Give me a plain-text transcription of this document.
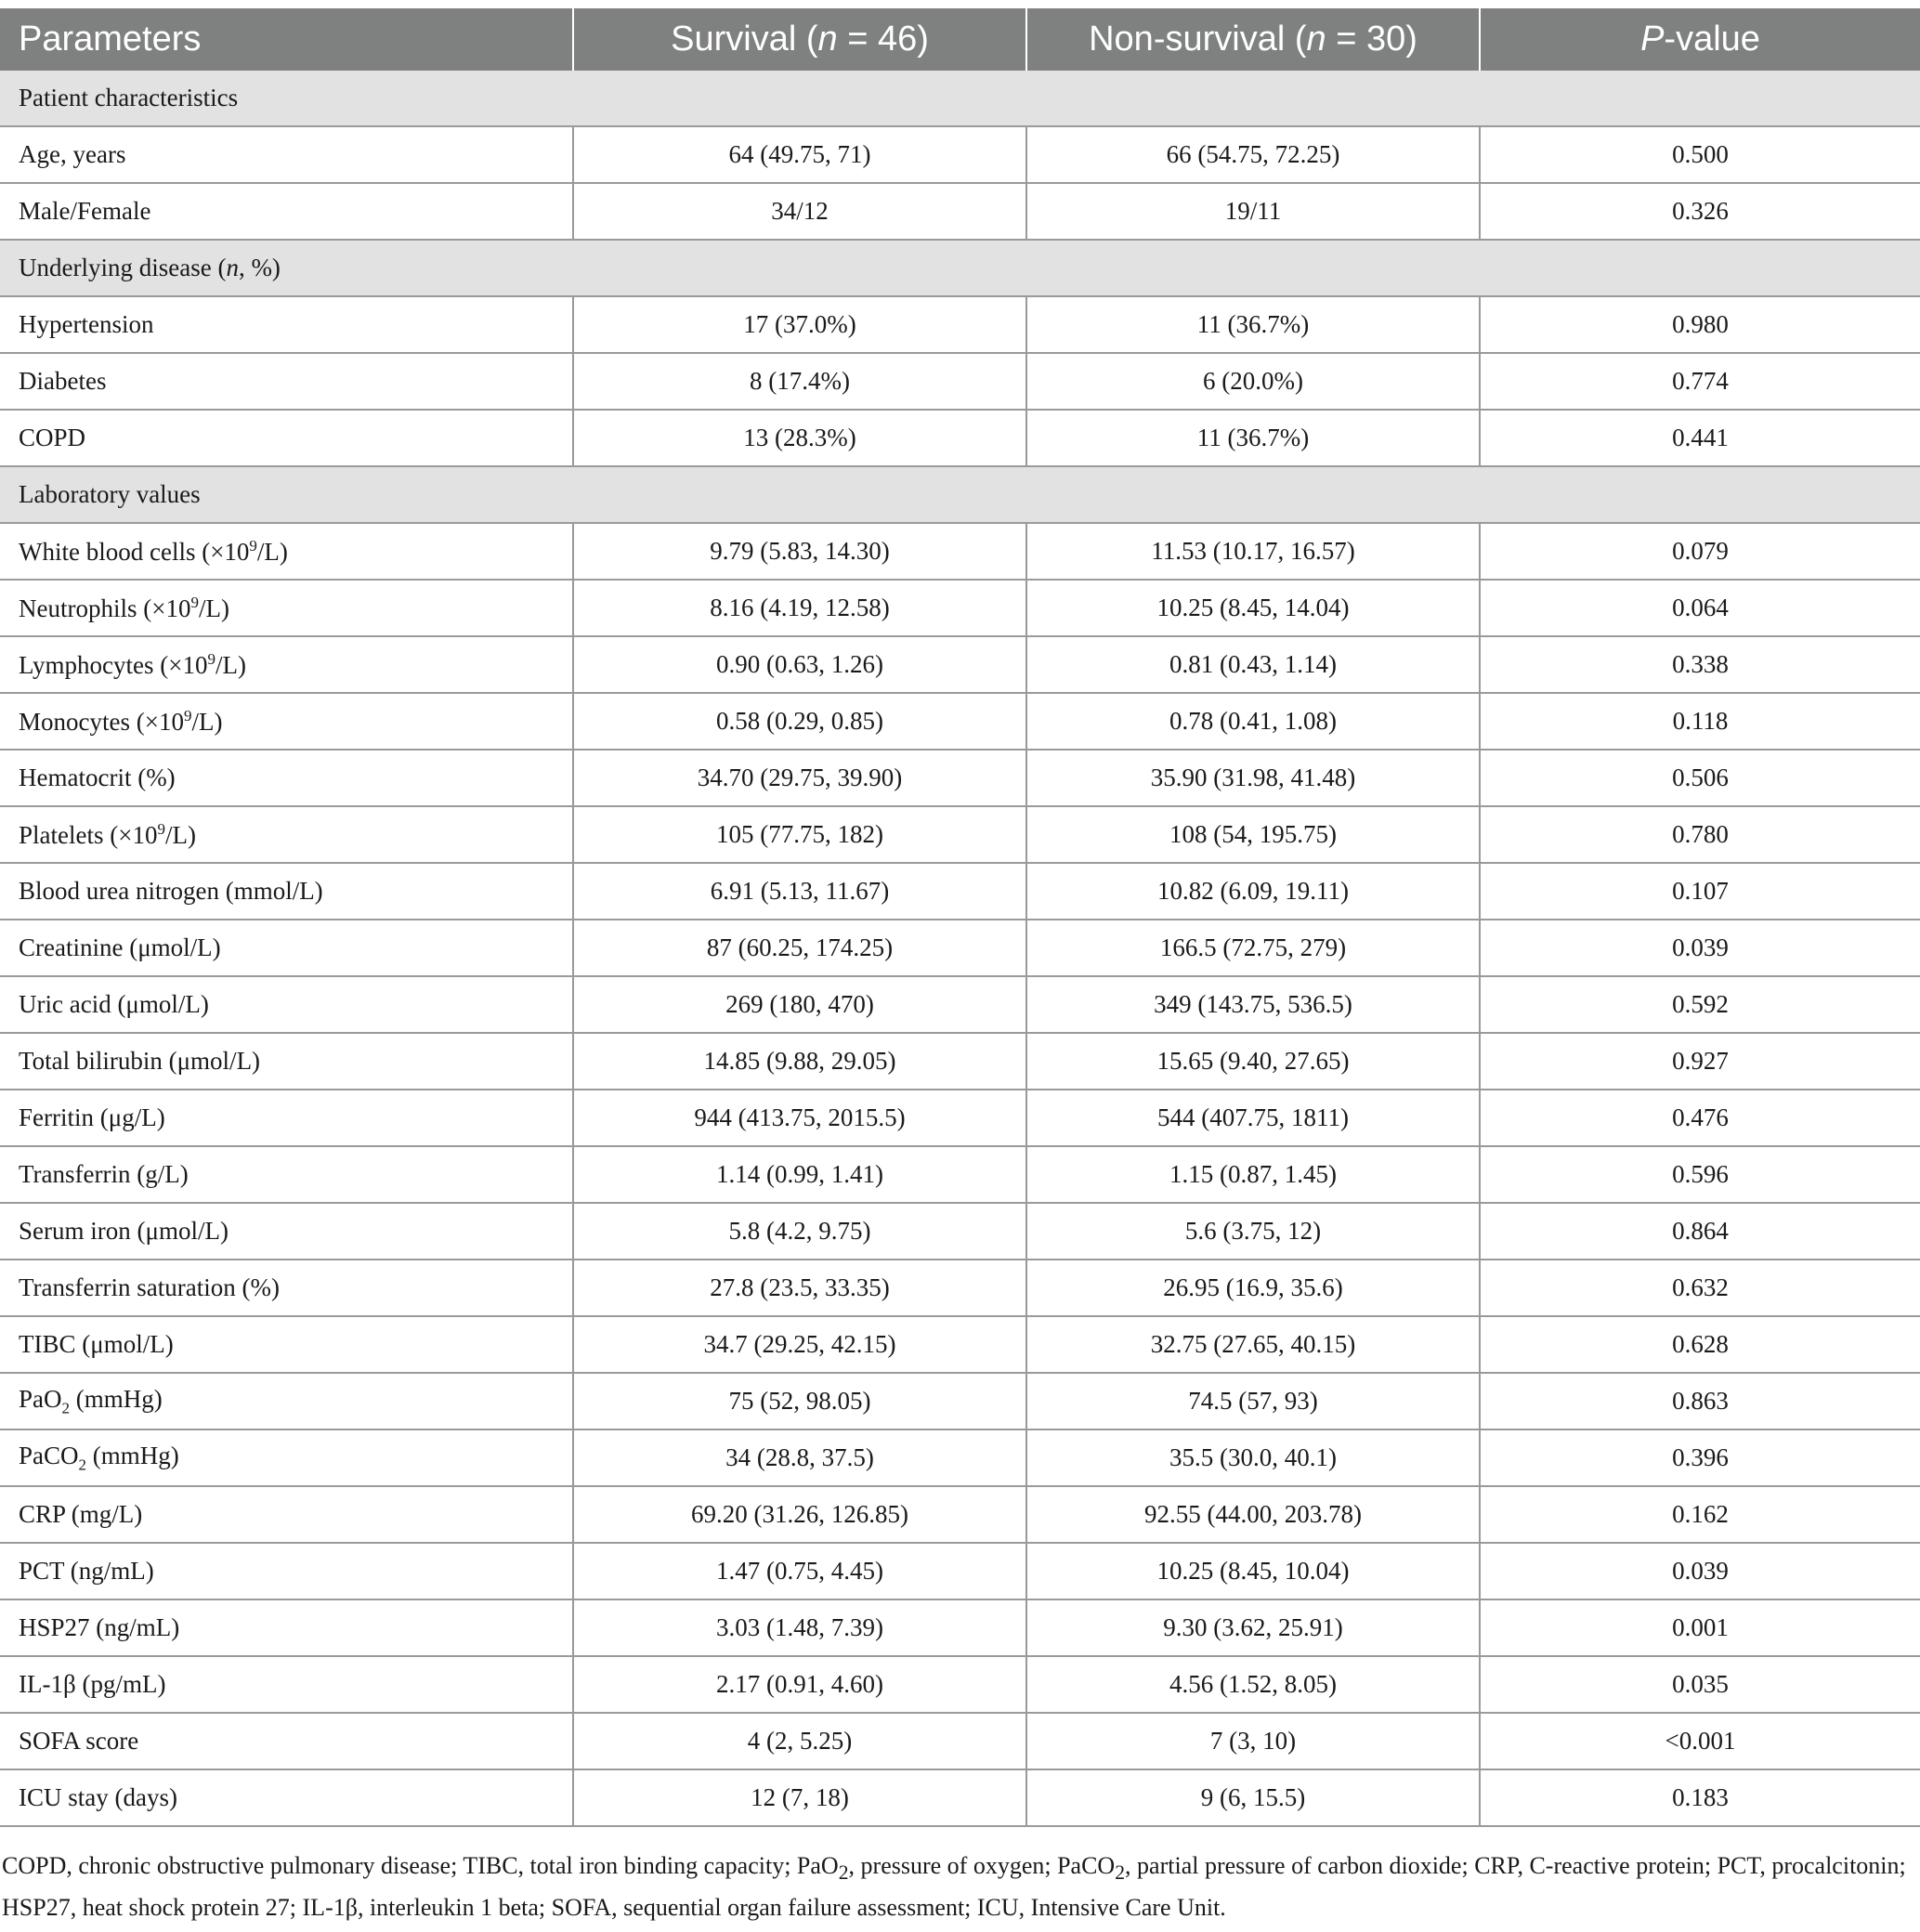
Parameters	Survival (n = 46)	Non-survival (n = 30)	P-value
Patient characteristics			
Age, years	64 (49.75, 71)	66 (54.75, 72.25)	0.500
Male/Female	34/12	19/11	0.326
Underlying disease (n, %)			
Hypertension	17 (37.0%)	11 (36.7%)	0.980
Diabetes	8 (17.4%)	6 (20.0%)	0.774
COPD	13 (28.3%)	11 (36.7%)	0.441
Laboratory values			
White blood cells $(\times 10^9/L)$	9.79 (5.83, 14.30)	11.53 (10.17, 16.57)	0.079
Neutrophils $(\times 10^9/L)$	8.16 (4.19, 12.58)	10.25 (8.45, 14.04)	0.064
Lymphocytes $(\times 10^9/L)$	0.90 (0.63, 1.26)	0.81 (0.43, 1.14)	0.338
Monocytes $(\times 10^9/L)$	0.58 (0.29, 0.85)	0.78 (0.41, 1.08)	0.118
Hematocrit (%)	34.70 (29.75, 39.90)	35.90 (31.98, 41.48)	0.506
Platelets $(\times 10^9/L)$	105 (77.75, 182)	108 (54, 195.75)	0.780
Blood urea nitrogen (mmol/L)	6.91 (5.13, 11.67)	10.82 (6.09, 19.11)	0.107
Creatinine (μmol/L)	87 (60.25, 174.25)	166.5 (72.75, 279)	0.039
Uric acid (μmol/L)	269 (180, 470)	349 (143.75, 536.5)	0.592
Total bilirubin (μmol/L)	14.85 (9.88, 29.05)	15.65 (9.40, 27.65)	0.927
Ferritin (μg/L)	944 (413.75, 2015.5)	544 (407.75, 1811)	0.476
Transferrin (g/L)	1.14 (0.99, 1.41)	1.15 (0.87, 1.45)	0.596
Serum iron (μmol/L)	5.8 (4.2, 9.75)	5.6 (3.75, 12)	0.864
Transferrin saturation (%)	27.8 (23.5, 33.35)	26.95 (16.9, 35.6)	0.632
TIBC (μmol/L)	34.7 (29.25, 42.15)	32.75 (27.65, 40.15)	0.628
PaO$_2$ (mmHg)	75 (52, 98.05)	74.5 (57, 93)	0.863
PaCO$_2$ (mmHg)	34 (28.8, 37.5)	35.5 (30.0, 40.1)	0.396
CRP (mg/L)	69.20 (31.26, 126.85)	92.55 (44.00, 203.78)	0.162
PCT (ng/mL)	1.47 (0.75, 4.45)	10.25 (8.45, 10.04)	0.039
HSP27 (ng/mL)	3.03 (1.48, 7.39)	9.30 (3.62, 25.91)	0.001
IL-1β (pg/mL)	2.17 (0.91, 4.60)	4.56 (1.52, 8.05)	0.035
SOFA score	4 (2, 5.25)	7 (3, 10)	<0.001
ICU stay (days)	12 (7, 18)	9 (6, 15.5)	0.183
COPD, chronic obstructive pulmonary disease; TIBC, total iron binding capacity; PaO$_2$, pressure of oxygen; PaCO$_2$, partial pressure of carbon dioxide; CRP, C-reactive protein; PCT, procalcitonin; HSP27, heat shock protein 27; IL-1β, interleukin 1 beta; SOFA, sequential organ failure assessment; ICU, Intensive Care Unit.
